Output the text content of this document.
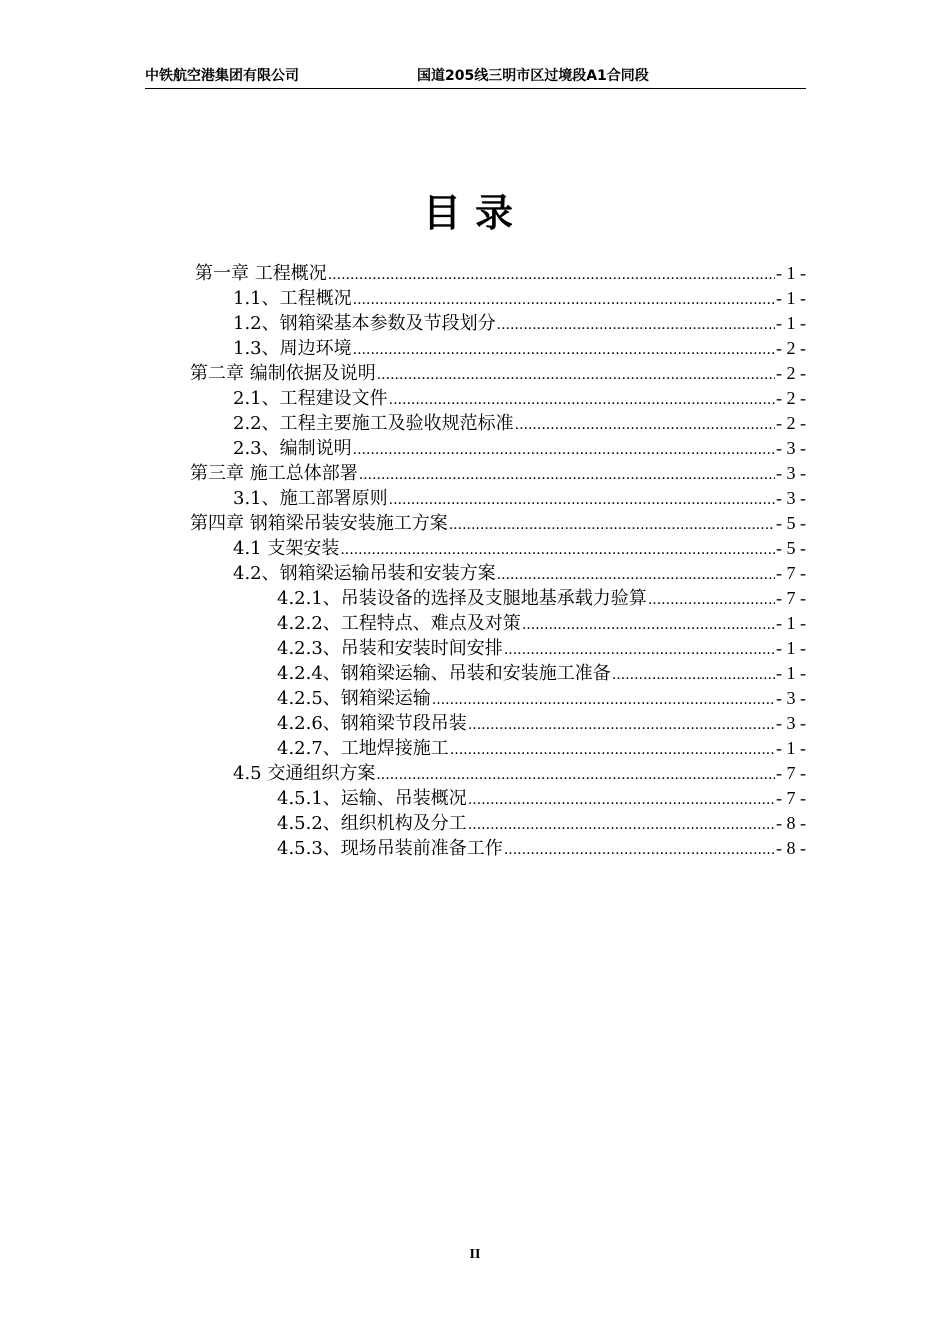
中铁航空港集团有限公司	国道205线三明市区过境段A1合同段
目录
第一章 工程概况 .....	- 1 -
1.1、工程概况 .....	- 1 -
1.2、钢箱梁基本参数及节段划分 .....	- 1 -
1.3、周边环境 .....	- 2 -
第二章 编制依据及说明 .....	- 2 -
2.1、工程建设文件 .....	- 2 -
2.2、工程主要施工及验收规范标准 .....	- 2 -
2.3、编制说明 .....	- 3 -
第三章 施工总体部署 .....	- 3 -
3.1、施工部署原则 .....	- 3 -
第四章 钢箱梁吊装安装施工方案 .....	- 5 -
4.1 支架安装 .....	- 5 -
4.2、钢箱梁运输吊装和安装方案 .....	- 7 -
4.2.1、吊装设备的选择及支腿地基承载力验算 .....	- 7 -
4.2.2、工程特点、难点及对策 .....	- 1 -
4.2.3、吊装和安装时间安排 .....	- 1 -
4.2.4、钢箱梁运输、吊装和安装施工准备 .....	- 1 -
4.2.5、钢箱梁运输 .....	- 3 -
4.2.6、钢箱梁节段吊装 .....	- 3 -
4.2.7、工地焊接施工 .....	- 1 -
4.5 交通组织方案 .....	- 7 -
4.5.1、运输、吊装概况 .....	- 7 -
4.5.2、组织机构及分工 .....	- 8 -
4.5.3、现场吊装前准备工作 .....	- 8 -
II
